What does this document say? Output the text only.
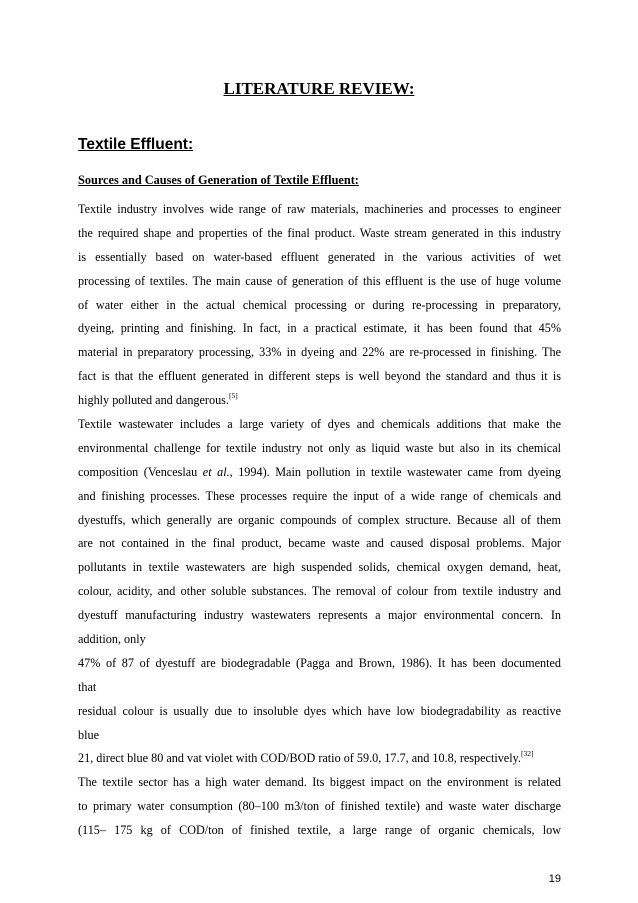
LITERATURE REVIEW:
Textile Effluent:
Sources and Causes of Generation of Textile Effluent:
Textile industry involves wide range of raw materials, machineries and processes to engineer
the required shape and properties of the final product. Waste stream generated in this industry
is essentially based on water-based effluent generated in the various activities of wet
processing of textiles. The main cause of generation of this effluent is the use of huge volume
of water either in the actual chemical processing or during re-processing in preparatory,
dyeing, printing and finishing. In fact, in a practical estimate, it has been found that 45%
material in preparatory processing, 33% in dyeing and 22% are re-processed in finishing. The
fact is that the effluent generated in different steps is well beyond the standard and thus it is
highly polluted and dangerous.[5]
Textile wastewater includes a large variety of dyes and chemicals additions that make the
environmental challenge for textile industry not only as liquid waste but also in its chemical
composition (Venceslau et al., 1994). Main pollution in textile wastewater came from dyeing
and finishing processes. These processes require the input of a wide range of chemicals and
dyestuffs, which generally are organic compounds of complex structure. Because all of them
are not contained in the final product, became waste and caused disposal problems. Major
pollutants in textile wastewaters are high suspended solids, chemical oxygen demand, heat,
colour, acidity, and other soluble substances. The removal of colour from textile industry and
dyestuff manufacturing industry wastewaters represents a major environmental concern. In
addition, only
47% of 87 of dyestuff are biodegradable (Pagga and Brown, 1986). It has been documented
that
residual colour is usually due to insoluble dyes which have low biodegradability as reactive
blue
21, direct blue 80 and vat violet with COD/BOD ratio of 59.0, 17.7, and 10.8, respectively.[32]
The textile sector has a high water demand. Its biggest impact on the environment is related
to primary water consumption (80–100 m3/ton of finished textile) and waste water discharge
(115– 175 kg of COD/ton of finished textile, a large range of organic chemicals, low
19
